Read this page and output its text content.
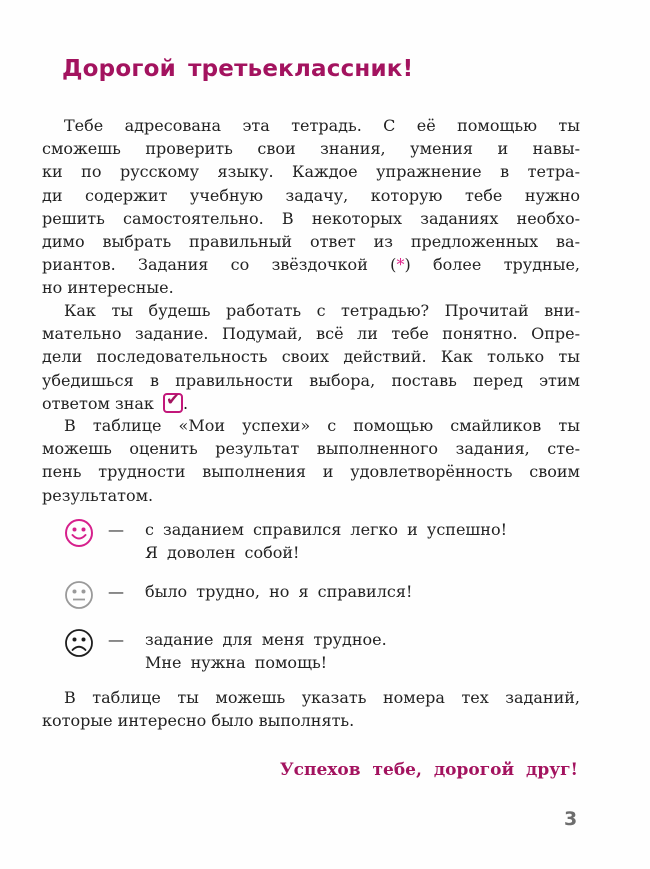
Дорогой третьеклассник!
Тебе адресована эта тетрадь. С её помощью ты
сможешь проверить свои знания, умения и навы-
ки по русскому языку. Каждое упражнение в тетра-
ди содержит учебную задачу, которую тебе нужно
решить самостоятельно. В некоторых заданиях необхо-
димо выбрать правильный ответ из предложенных ва-
риантов. Задания со звёздочкой (*) более трудные,
но интересные.
Как ты будешь работать с тетрадью? Прочитай вни-
мательно задание. Подумай, всё ли тебе понятно. Опре-
дели последовательность своих действий. Как только ты
убедишься в правильности выбора, поставь перед этим
ответом знак ✔ .
В таблице «Мои успехи» с помощью смайликов ты
можешь оценить результат выполненного задания, сте-
пень трудности выполнения и удовлетворённость своим
результатом.
— с заданием справился легко и успешно!
Я доволен собой!
— было трудно, но я справился!
— задание для меня трудное.
Мне нужна помощь!
В таблице ты можешь указать номера тех заданий,
которые интересно было выполнять.
Успехов тебе, дорогой друг!
3
